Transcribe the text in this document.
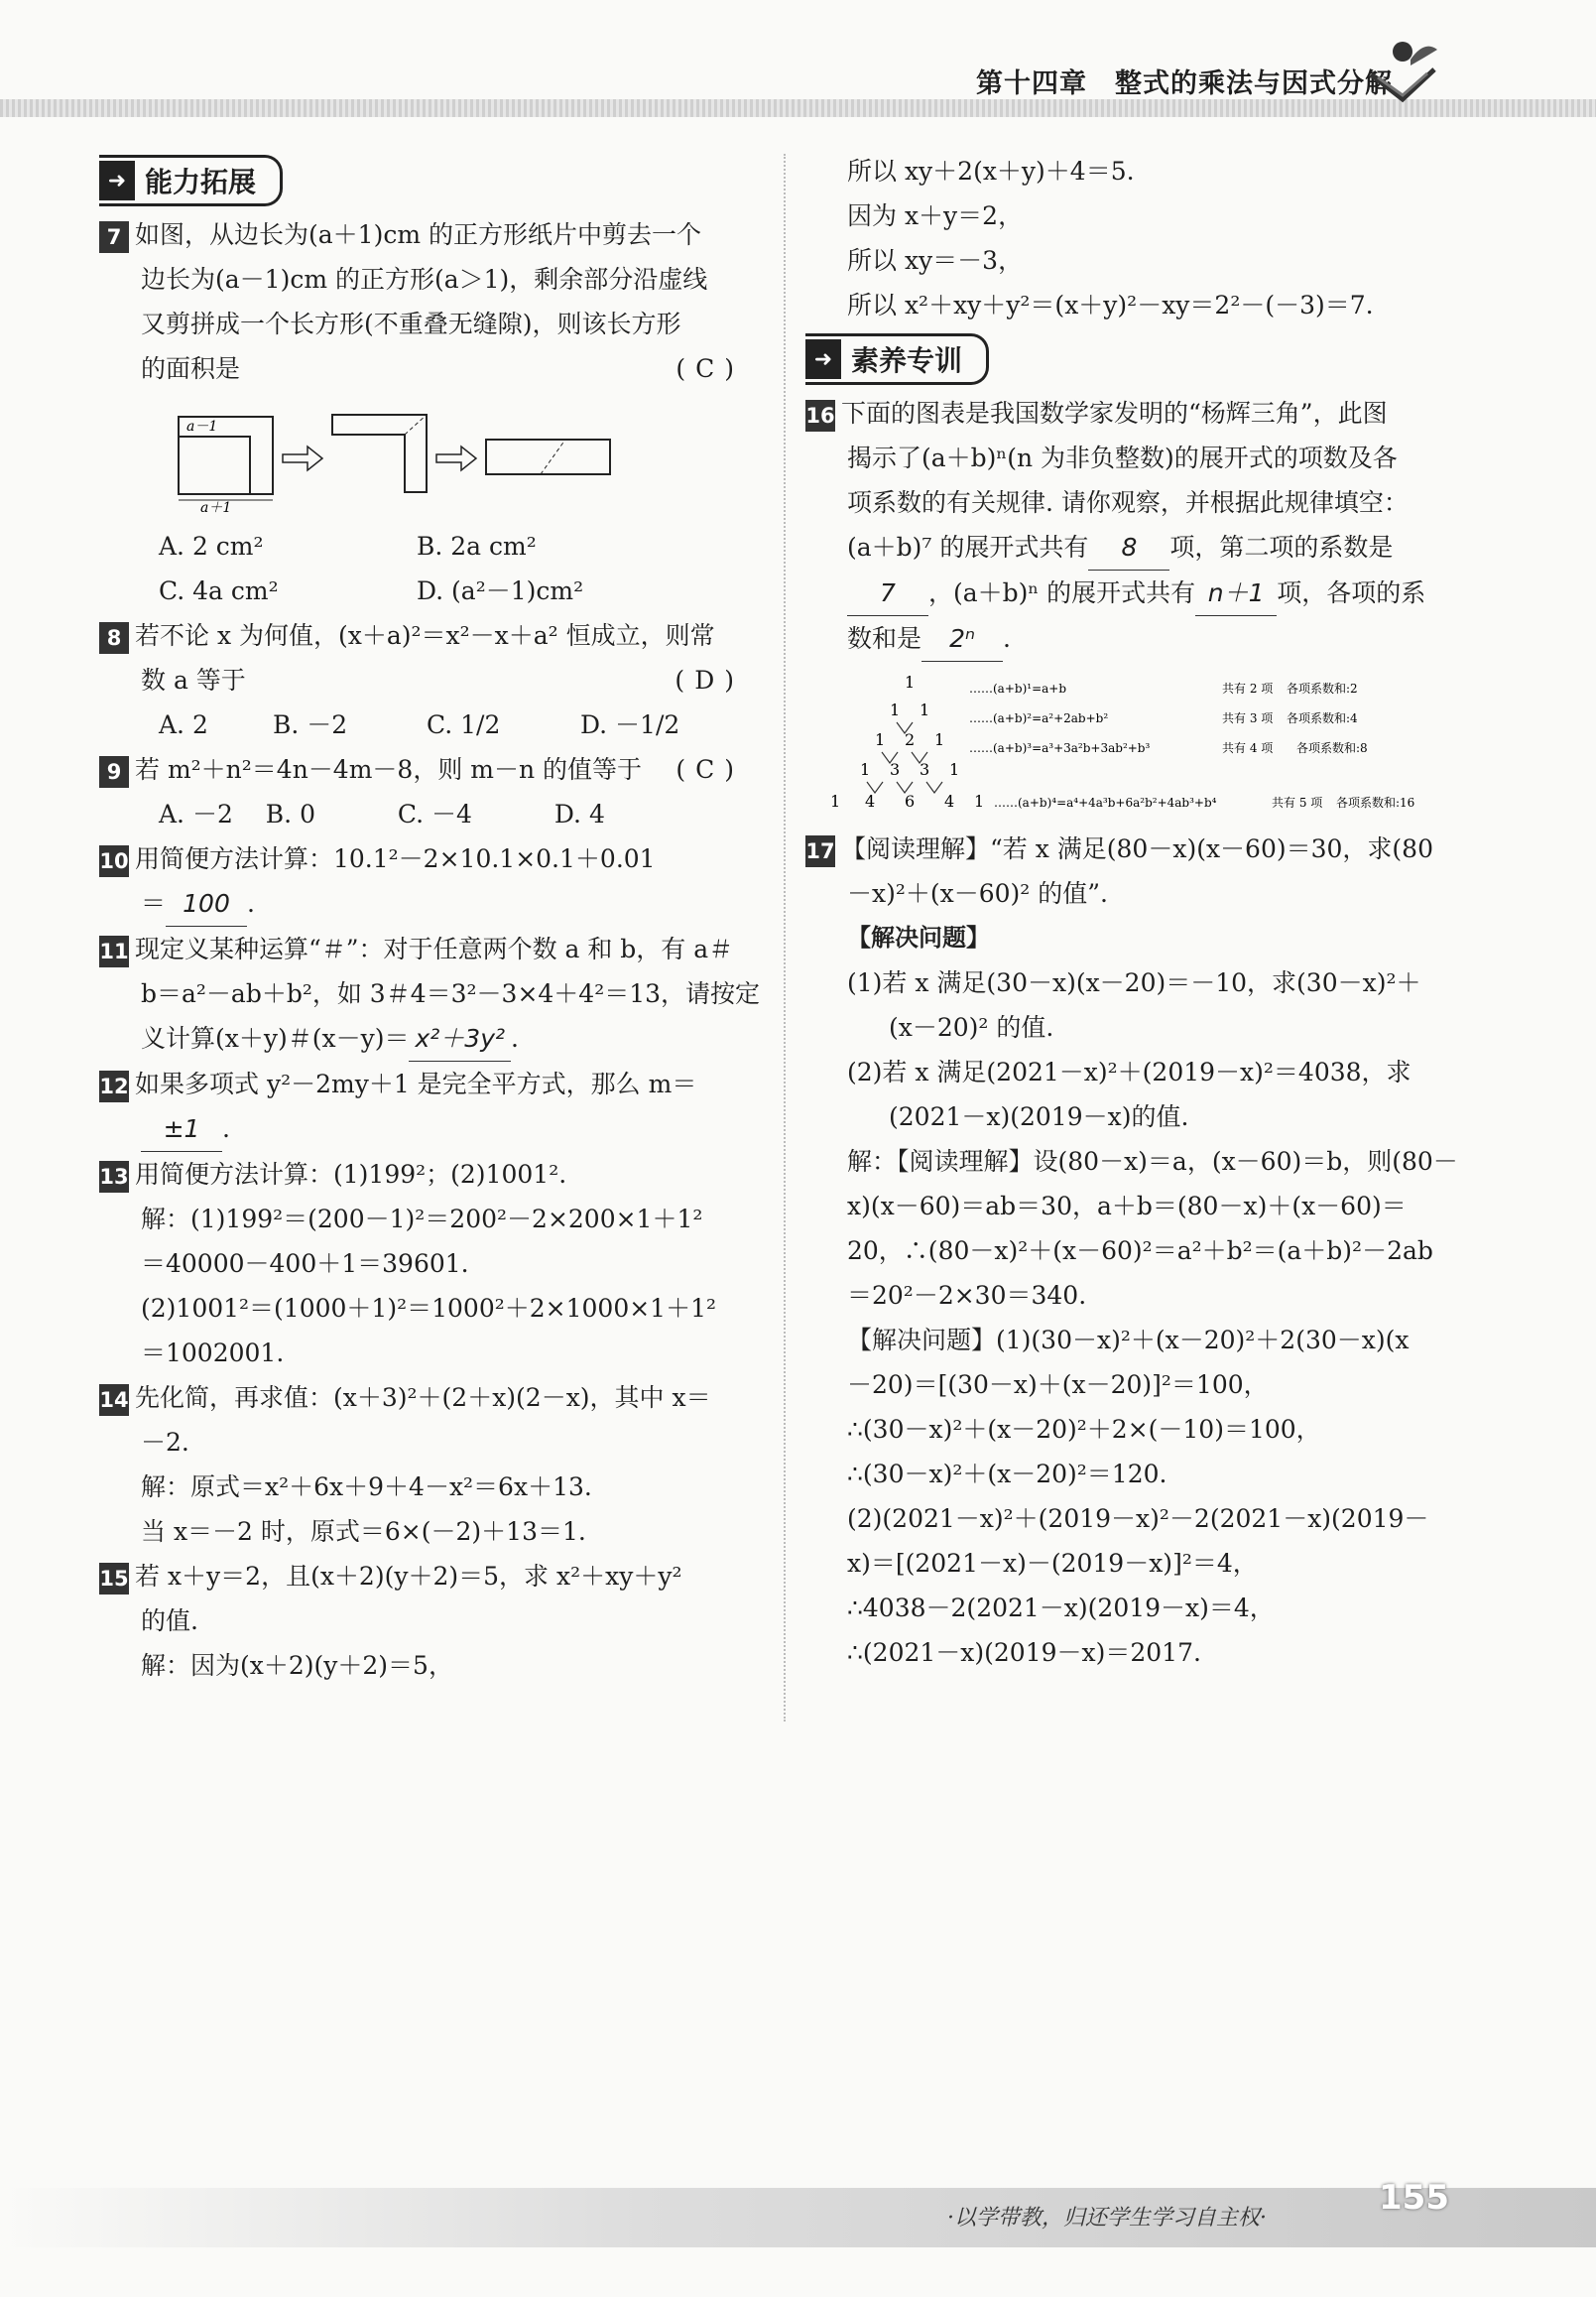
第十四章　整式的乘法与因式分解
➜ 能力拓展
7 如图，从边长为(a＋1)cm 的正方形纸片中剪去一个
边长为(a－1)cm 的正方形(a＞1)，剩余部分沿虚线
又剪拼成一个长方形(不重叠无缝隙)，则该长方形
的面积是	(C)
a－1
a＋1
A. 2 cm²	B. 2a cm²
C. 4a cm²	D. (a²－1)cm²
8 若不论 x 为何值，(x＋a)²＝x²－x＋a² 恒成立，则常
数 a 等于	(D)
A. 2	B. －2	C. 1/2	D. －1/2
9 若 m²＋n²＝4n－4m－8，则 m－n 的值等于 (C)
A. －2　 B. 0　　　 C. －4　　　 D. 4
10 用简便方法计算：10.1²－2×10.1×0.1＋0.01
＝ 100 .
11 现定义某种运算“＃”：对于任意两个数 a 和 b，有 a＃
b＝a²－ab＋b²，如 3＃4＝3²－3×4＋4²＝13，请按定
义计算(x＋y)＃(x－y)＝ x²＋3y² .
12 如果多项式 y²－2my＋1 是完全平方式，那么 m＝
±1 .
13 用简便方法计算：(1)199²；(2)1001².
解：(1)199²＝(200－1)²＝200²－2×200×1＋1²
＝40000－400＋1＝39601.
(2)1001²＝(1000＋1)²＝1000²＋2×1000×1＋1²
＝1002001.
14 先化简，再求值：(x＋3)²＋(2＋x)(2－x)，其中 x＝
－2.
解：原式＝x²＋6x＋9＋4－x²＝6x＋13.
当 x＝－2 时，原式＝6×(－2)＋13＝1.
15 若 x＋y＝2，且(x＋2)(y＋2)＝5，求 x²＋xy＋y²
的值.
解：因为(x＋2)(y＋2)＝5，
所以 xy＋2(x＋y)＋4＝5.
因为 x＋y＝2，
所以 xy＝－3，
所以 x²＋xy＋y²＝(x＋y)²－xy＝2²－(－3)＝7.
➜ 素养专训
16 下面的图表是我国数学家发明的“杨辉三角”，此图
揭示了(a＋b)ⁿ(n 为非负整数)的展开式的项数及各
项系数的有关规律. 请你观察，并根据此规律填空：
(a＋b)⁷ 的展开式共有 8 项，第二项的系数是
7 ，(a＋b)ⁿ 的展开式共有 n＋1 项，各项的系
数和是 2ⁿ .
1
1 1
1 2 1
1 3 3 1
1 4 6 4 1
……(a+b)¹=a+b	共有 2 项 各项系数和:2
……(a+b)²=a²+2ab+b²	共有 3 项 各项系数和:4
……(a+b)³=a³+3a²b+3ab²+b³	共有 4 项 各项系数和:8
……(a+b)⁴=a⁴+4a³b+6a²b²+4ab³+b⁴	共有 5 项 各项系数和:16
17 【阅读理解】“若 x 满足(80－x)(x－60)＝30，求(80
－x)²＋(x－60)² 的值”.
【解决问题】
(1)若 x 满足(30－x)(x－20)＝－10，求(30－x)²＋
(x－20)² 的值.
(2)若 x 满足(2021－x)²＋(2019－x)²＝4038，求
(2021－x)(2019－x)的值.
解：【阅读理解】设(80－x)＝a，(x－60)＝b，则(80－
x)(x－60)＝ab＝30，a＋b＝(80－x)＋(x－60)＝
20，∴(80－x)²＋(x－60)²＝a²＋b²＝(a＋b)²－2ab
＝20²－2×30＝340.
【解决问题】(1)(30－x)²＋(x－20)²＋2(30－x)(x
－20)＝[(30－x)＋(x－20)]²＝100，
∴(30－x)²＋(x－20)²＋2×(－10)＝100，
∴(30－x)²＋(x－20)²＝120.
(2)(2021－x)²＋(2019－x)²－2(2021－x)(2019－
x)＝[(2021－x)－(2019－x)]²＝4，
∴4038－2(2021－x)(2019－x)＝4，
∴(2021－x)(2019－x)＝2017.
·以学带教，归还学生学习自主权·
155
